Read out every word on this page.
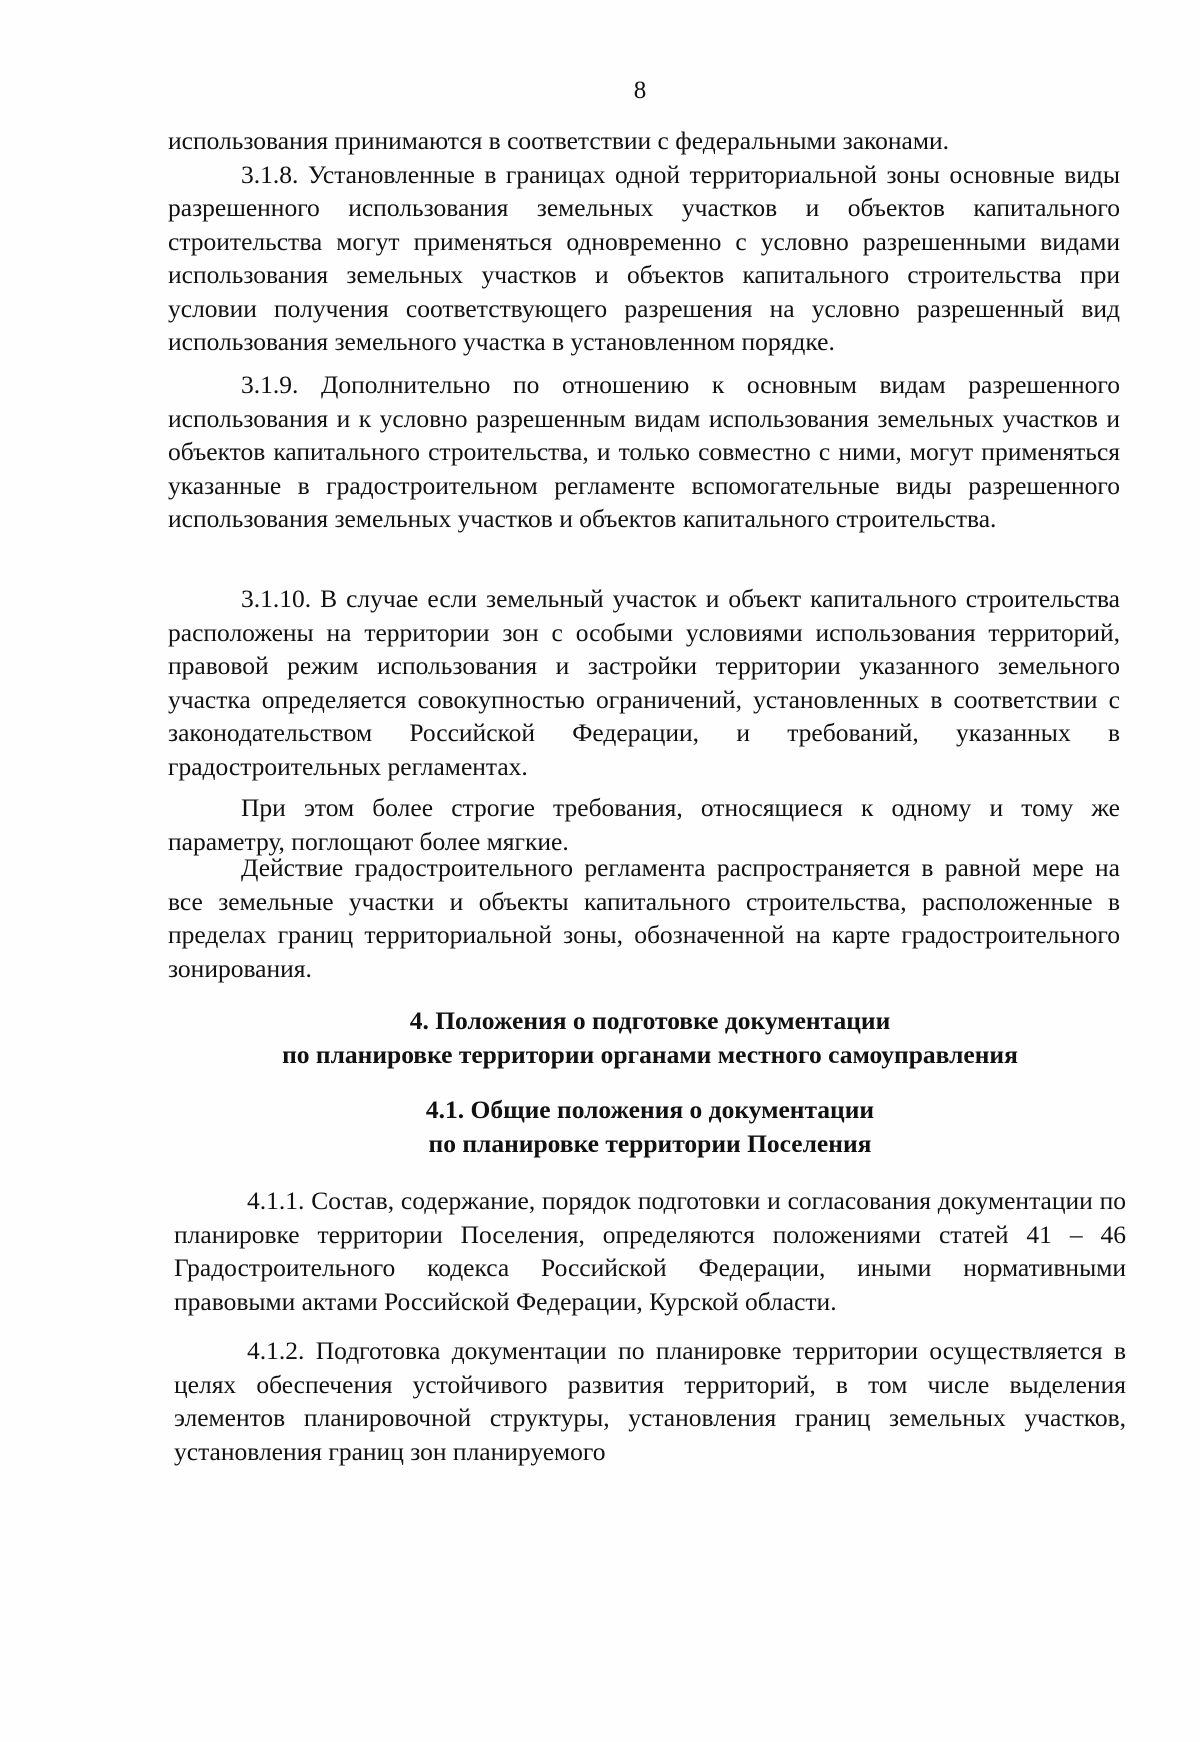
8

использования принимаются в соответствии с федеральными законами.

3.1.8. Установленные в границах одной территориальной зоны основные виды разрешенного использования земельных участков и объектов капитального строительства могут применяться одновременно с условно разрешенными видами использования земельных участков и объектов капитального строительства при условии получения соответствующего разрешения на условно разрешенный вид использования земельного участка в установленном порядке.

3.1.9. Дополнительно по отношению к основным видам разрешенного использования и к условно разрешенным видам использования земельных участков и объектов капитального строительства, и только совместно с ними, могут применяться указанные в градостроительном регламенте вспомогательные виды разрешенного использования земельных участков и объектов капитального строительства.

3.1.10. В случае если земельный участок и объект капитального строительства расположены на территории зон с особыми условиями использования территорий, правовой режим использования и застройки территории указанного земельного участка определяется совокупностью ограничений, установленных в соответствии с законодательством Российской Федерации, и требований, указанных в градостроительных регламентах.

При этом более строгие требования, относящиеся к одному и тому же параметру, поглощают более мягкие.

Действие градостроительного регламента распространяется в равной мере на все земельные участки и объекты капитального строительства, расположенные в пределах границ территориальной зоны, обозначенной на карте градостроительного зонирования.

4. Положения о подготовке документации
по планировке территории органами местного самоуправления
4.1. Общие положения о документации
по планировке территории Поселения

4.1.1. Состав, содержание, порядок подготовки и согласования документации по планировке территории Поселения, определяются положениями статей 41 – 46 Градостроительного кодекса Российской Федерации, иными нормативными правовыми актами Российской Федерации, Курской области.

4.1.2. Подготовка документации по планировке территории осуществляется в целях обеспечения устойчивого развития территорий, в том числе выделения элементов планировочной структуры, установления границ земельных участков, установления границ зон планируемого
